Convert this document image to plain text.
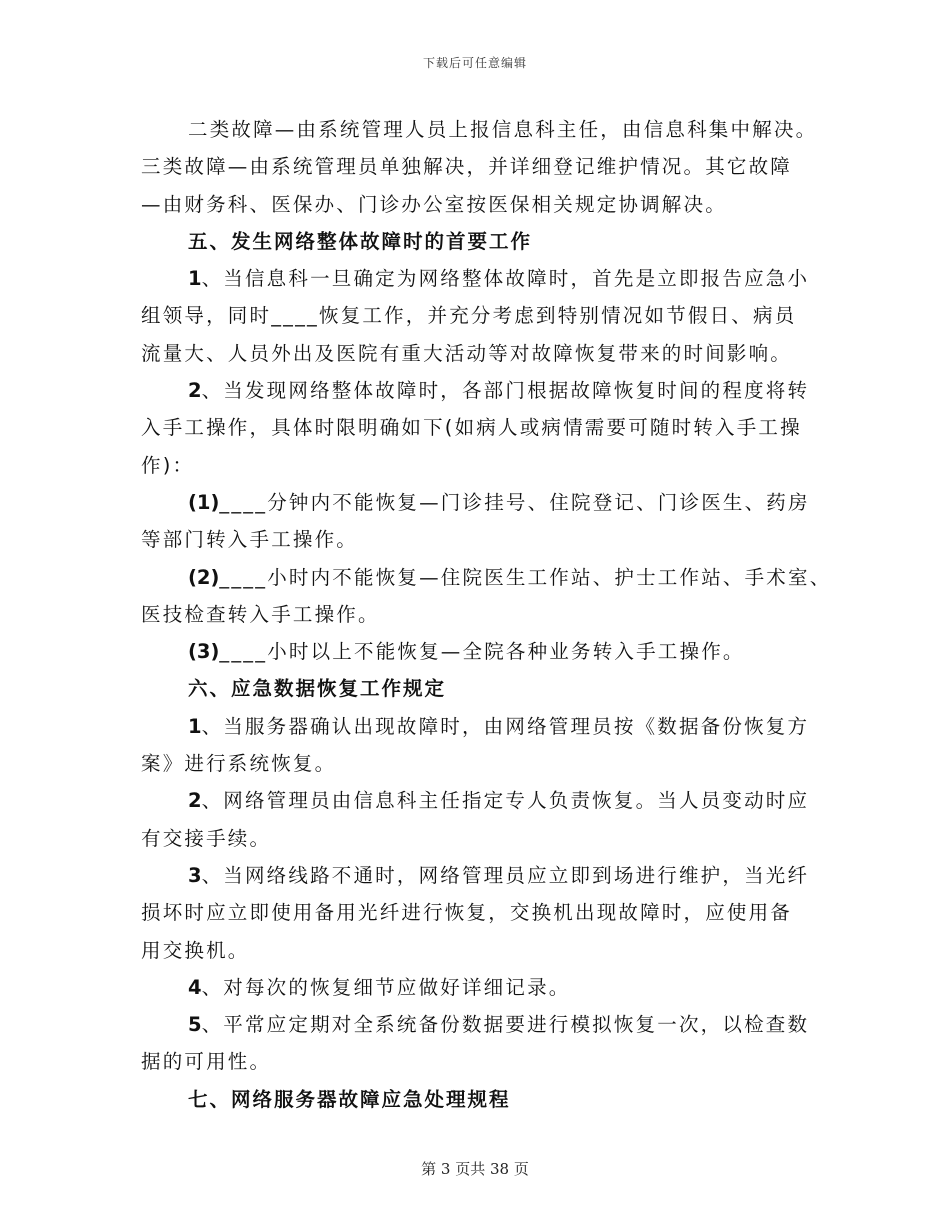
下载后可任意编辑
二类故障—由系统管理人员上报信息科主任，由信息科集中解决。
三类故障—由系统管理员单独解决，并详细登记维护情况。其它故障
—由财务科、医保办、门诊办公室按医保相关规定协调解决。
五、发生网络整体故障时的首要工作
1、当信息科一旦确定为网络整体故障时，首先是立即报告应急小
组领导，同时____恢复工作，并充分考虑到特别情况如节假日、病员
流量大、人员外出及医院有重大活动等对故障恢复带来的时间影响。
2、当发现网络整体故障时，各部门根据故障恢复时间的程度将转
入手工操作，具体时限明确如下(如病人或病情需要可随时转入手工操
作)：
(1)____分钟内不能恢复—门诊挂号、住院登记、门诊医生、药房
等部门转入手工操作。
(2)____小时内不能恢复—住院医生工作站、护士工作站、手术室、
医技检查转入手工操作。
(3)____小时以上不能恢复—全院各种业务转入手工操作。
六、应急数据恢复工作规定
1、当服务器确认出现故障时，由网络管理员按《数据备份恢复方
案》进行系统恢复。
2、网络管理员由信息科主任指定专人负责恢复。当人员变动时应
有交接手续。
3、当网络线路不通时，网络管理员应立即到场进行维护，当光纤
损坏时应立即使用备用光纤进行恢复，交换机出现故障时，应使用备
用交换机。
4、对每次的恢复细节应做好详细记录。
5、平常应定期对全系统备份数据要进行模拟恢复一次，以检查数
据的可用性。
七、网络服务器故障应急处理规程
第 3 页共 38 页
